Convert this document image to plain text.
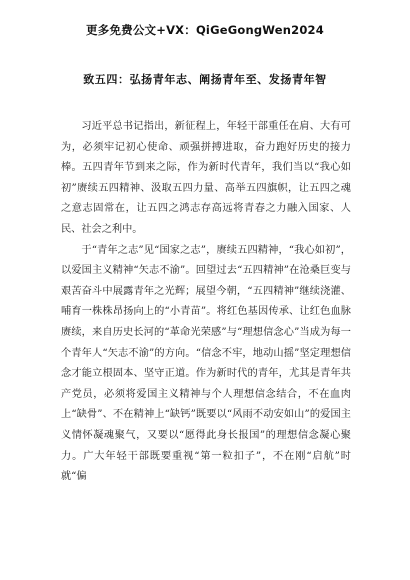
更多免费公文+VX：QiGeGongWen2024
致五四：弘扬青年志、阐扬青年至、发扬青年智

习近平总书记指出，新征程上，年轻干部重任在肩、大有可为，必须牢记初心使命、顽强拼搏进取，奋力跑好历史的接力棒。五四青年节到来之际，作为新时代青年，我们当以“我心如初”赓续五四精神、汲取五四力量、高举五四旗帜，让五四之魂之意志固常在，让五四之鸿志存高远将青春之力融入国家、人民、社会之利中。

于“青年之志”见“国家之志”，赓续五四精神，“我心如初”，以爱国主义精神“矢志不渝”。回望过去“五四精神”在沧桑巨变与艰苦奋斗中展露青年之光辉；展望今朝，“五四精神”继续浇灌、哺育一株株昂扬向上的“小青苗”。将红色基因传承、让红色血脉赓续，来自历史长河的“革命光荣感”与“理想信念心”当成为每一个青年人“矢志不渝”的方向。“信念不牢，地动山摇”坚定理想信念才能立根固本、坚守正道。作为新时代的青年，尤其是青年共产党员，必须将爱国主义精神与个人理想信念结合，不在血肉上“缺骨”、不在精神上“缺钙”既要以“风雨不动安如山”的爱国主义情怀凝魂聚气，又要以“愿得此身长报国”的理想信念凝心聚力。广大年轻干部既要重视“第一粒扣子”，不在刚“启航”时就“偏
